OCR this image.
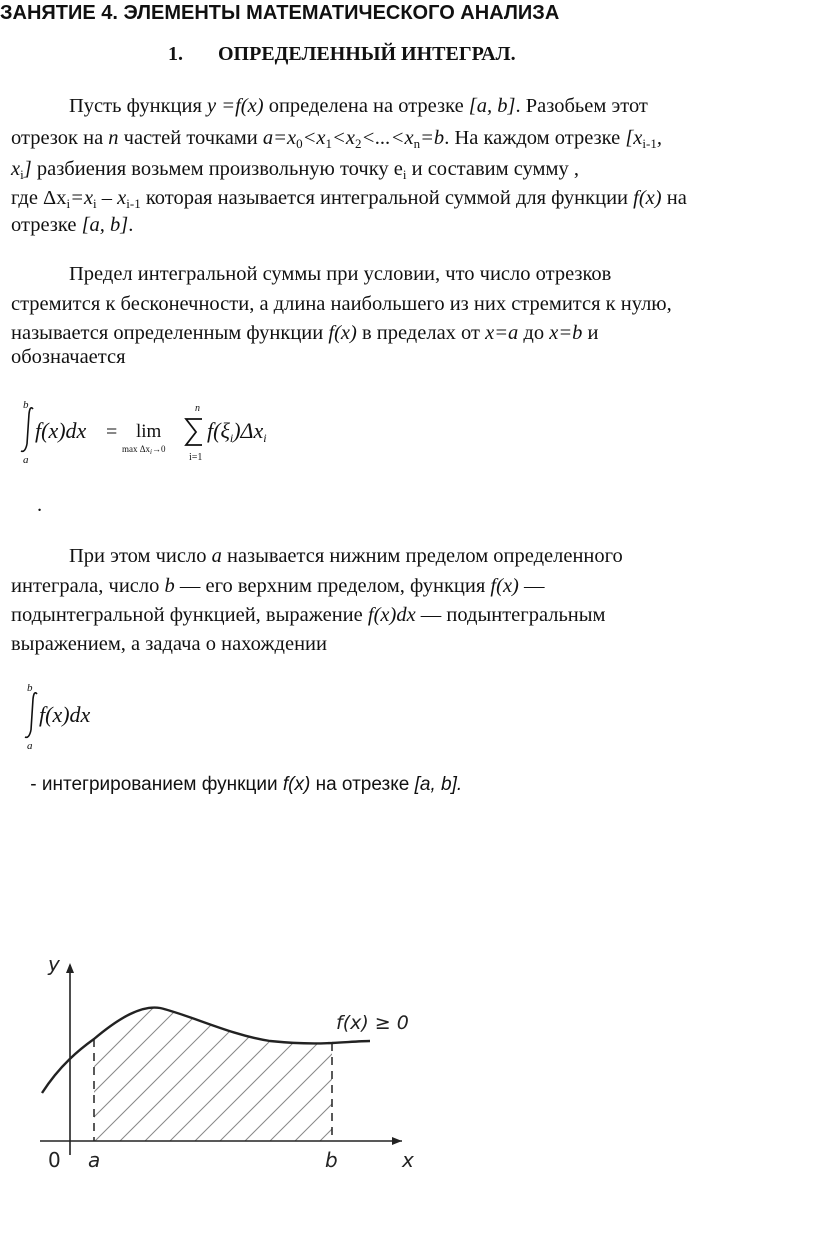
ЗАНЯТИЕ 4. ЭЛЕМЕНТЫ МАТЕМАТИЧЕСКОГО АНАЛИЗА
1. ОПРЕДЕЛЕННЫЙ ИНТЕГРАЛ.
Пусть функция y =f(x) определена на отрезке [a, b]. Разобьем этот
отрезок на n частей точками $a=x_0<x_1<x_2<...<x_n=b$. На каждом отрезке [$x_{i-1}$,
$x_i$] разбиения возьмем произвольную точку $e_i$ и составим сумму ,
где $\Delta x_i=x_i - x_{i-1}$ которая называется интегральной суммой для функции f(x) на
отрезке [a, b].
Предел интегральной суммы при условии, что число отрезков
стремится к бесконечности, а длина наибольшего из них стремится к нулю,
называется определенным функции f(x) в пределах от x=a до x=b и
обозначается
b
a
f(x)dx = lim
$\max \Delta x_i\to 0$
n
i=1
f(ξi)Δxi
.
При этом число a называется нижним пределом определенного
интеграла, число b — его верхним пределом, функция f(x) —
подынтегральной функцией, выражение f(x)dx — подынтегральным
выражением, а задача о нахождении
b
a
f(x)dx
- интегрированием функции f(x) на отрезке [a, b].
y
x
0 a	b
f(x) ≥ 0
